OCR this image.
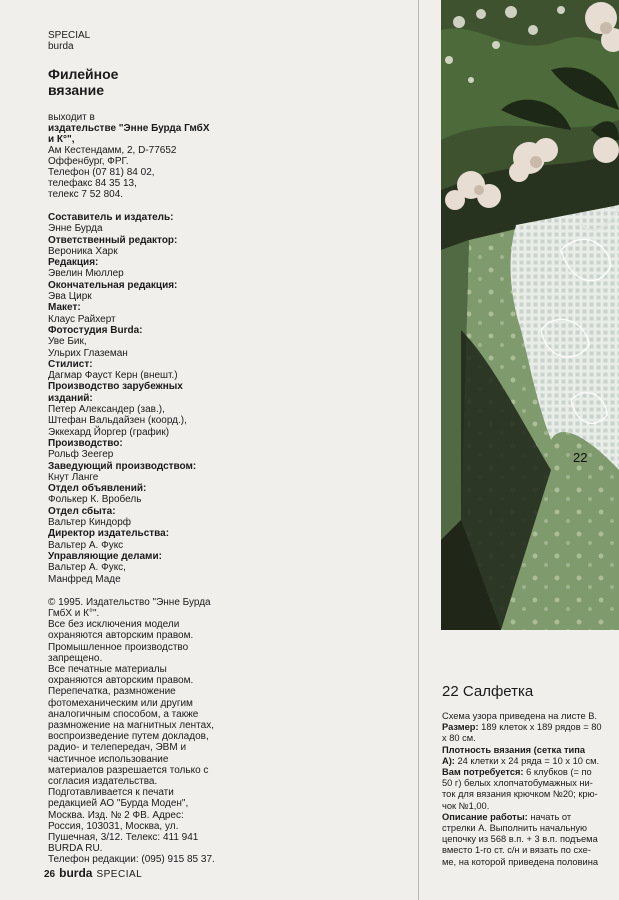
SPECIAL
burda
Филейное
вязание
выходит в
издательстве "Энне Бурда ГмбХ
и К°",
Ам Кестендамм, 2, D-77652
Оффенбург, ФРГ.
Телефон (07 81) 84 02,
телефакс 84 35 13,
телекс 7 52 804.
Составитель и издатель:
Энне Бурда
Ответственный редактор:
Вероника Харк
Редакция:
Эвелин Мюллер
Окончательная редакция:
Эва Цирк
Макет:
Клаус Райхерт
Фотостудия Burda:
Уве Бик,
Ульрих Глаземан
Стилист:
Дагмар Фауст Керн (внешт.)
Производство зарубежных
изданий:
Петер Александер (зав.),
Штефан Вальдайзен (коорд.),
Эккехард Йоргер (график)
Производство:
Рольф Зеегер
Заведующий производством:
Кнут Ланге
Отдел объявлений:
Фолькер К. Вробель
Отдел сбыта:
Вальтер Киндорф
Директор издательства:
Вальтер А. Фукс
Управляющие делами:
Вальтер А. Фукс,
Манфред Маде
© 1995. Издательство "Энне Бурда
ГмбХ и К°".
Все без исключения модели
охраняются авторским правом.
Промышленное производство
запрещено.
Все печатные материалы
охраняются авторским правом.
Перепечатка, размножение
фотомеханическим или другим
аналогичным способом, а также
размножение на магнитных лентах,
воспроизведение путем докладов,
радио- и телепередач, ЭВМ и
частичное использование
материалов разрешается только с
согласия издательства.
Подготавливается к печати
редакцией АО "Бурда Моден",
Москва. Изд. № 2 ФВ. Адрес:
Россия, 103031, Москва, ул.
Пушечная, 3/12. Телекс: 411 941
BURDA RU.
Телефон редакции: (095) 915 85 37.
26 burda SPECIAL
22
22 Салфетка
Схема узора приведена на листе В.
Размер: 189 клеток x 189 рядов = 80
x 80 см.
Плотность вязания (сетка типа
А): 24 клетки x 24 ряда = 10 x 10 см.
Вам потребуется: 6 клубков (= по
50 г) белых хлопчатобумажных ни-
ток для вязания крючком №20; крю-
чок №1,00.
Описание работы: начать от
стрелки А. Выполнить начальную
цепочку из 568 в.п. + 3 в.п. подъема
вместо 1-го ст. с/н и вязать по схе-
ме, на которой приведена половина
